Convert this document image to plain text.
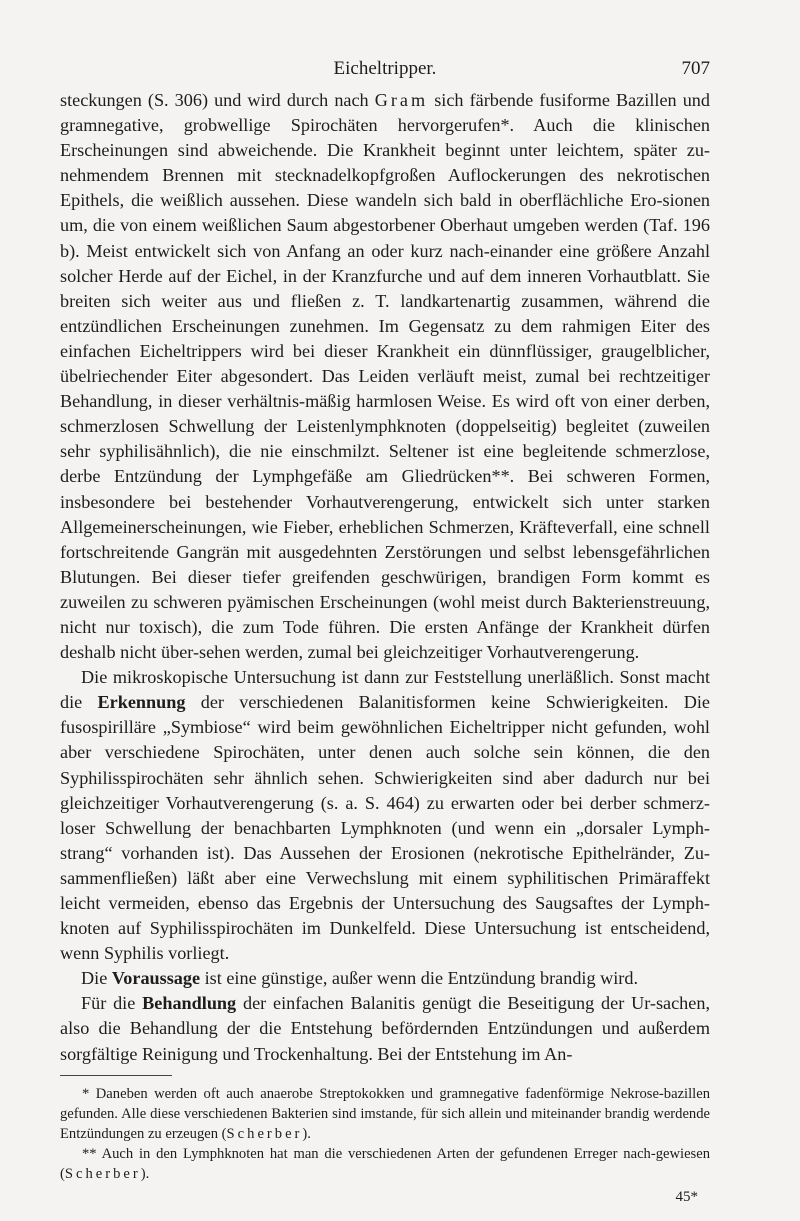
Eicheltripper.	707

steckungen (S. 306) und wird durch nach Gram sich färbende fusiforme Bazillen und gramnegative, grobwellige Spirochäten hervorgerufen*. Auch die klinischen Erscheinungen sind abweichende. Die Krankheit beginnt unter leichtem, später zu-nehmendem Brennen mit stecknadelkopfgroßen Auflockerungen des nekrotischen Epithels, die weißlich aussehen. Diese wandeln sich bald in oberflächliche Ero-sionen um, die von einem weißlichen Saum abgestorbener Oberhaut umgeben werden (Taf. 196 b). Meist entwickelt sich von Anfang an oder kurz nach-einander eine größere Anzahl solcher Herde auf der Eichel, in der Kranzfurche und auf dem inneren Vorhautblatt. Sie breiten sich weiter aus und fließen z. T. landkartenartig zusammen, während die entzündlichen Erscheinungen zunehmen. Im Gegensatz zu dem rahmigen Eiter des einfachen Eicheltrippers wird bei dieser Krankheit ein dünnflüssiger, graugelblicher, übelriechender Eiter abgesondert. Das Leiden verläuft meist, zumal bei rechtzeitiger Behandlung, in dieser verhältnis-mäßig harmlosen Weise. Es wird oft von einer derben, schmerzlosen Schwellung der Leistenlymphknoten (doppelseitig) begleitet (zuweilen sehr syphilisähnlich), die nie einschmilzt. Seltener ist eine begleitende schmerzlose, derbe Entzündung der Lymphgefäße am Gliedrücken**. Bei schweren Formen, insbesondere bei bestehender Vorhautverengerung, entwickelt sich unter starken Allgemeinerscheinungen, wie Fieber, erheblichen Schmerzen, Kräfteverfall, eine schnell fortschreitende Gangrän mit ausgedehnten Zerstörungen und selbst lebensgefährlichen Blutungen. Bei dieser tiefer greifenden geschwürigen, brandigen Form kommt es zuweilen zu schweren pyämischen Erscheinungen (wohl meist durch Bakterienstreuung, nicht nur toxisch), die zum Tode führen. Die ersten Anfänge der Krankheit dürfen deshalb nicht über-sehen werden, zumal bei gleichzeitiger Vorhautverengerung.

Die mikroskopische Untersuchung ist dann zur Feststellung unerläßlich. Sonst macht die Erkennung der verschiedenen Balanitisformen keine Schwierigkeiten. Die fusospirilläre „Symbiose“ wird beim gewöhnlichen Eicheltripper nicht gefunden, wohl aber verschiedene Spirochäten, unter denen auch solche sein können, die den Syphilisspirochäten sehr ähnlich sehen. Schwierigkeiten sind aber dadurch nur bei gleichzeitiger Vorhautverengerung (s. a. S. 464) zu erwarten oder bei derber schmerz-loser Schwellung der benachbarten Lymphknoten (und wenn ein „dorsaler Lymph-strang“ vorhanden ist). Das Aussehen der Erosionen (nekrotische Epithelränder, Zu-sammenfließen) läßt aber eine Verwechslung mit einem syphilitischen Primäraffekt leicht vermeiden, ebenso das Ergebnis der Untersuchung des Saugsaftes der Lymph-knoten auf Syphilisspirochäten im Dunkelfeld. Diese Untersuchung ist entscheidend, wenn Syphilis vorliegt.

Die Voraussage ist eine günstige, außer wenn die Entzündung brandig wird.

Für die Behandlung der einfachen Balanitis genügt die Beseitigung der Ur-sachen, also die Behandlung der die Entstehung befördernden Entzündungen und außerdem sorgfältige Reinigung und Trockenhaltung. Bei der Entstehung im An-

* Daneben werden oft auch anaerobe Streptokokken und gramnegative fadenförmige Nekrose-bazillen gefunden. Alle diese verschiedenen Bakterien sind imstande, für sich allein und miteinander brandig werdende Entzündungen zu erzeugen (Scherber).

** Auch in den Lymphknoten hat man die verschiedenen Arten der gefundenen Erreger nach-gewiesen (Scherber).

45*
